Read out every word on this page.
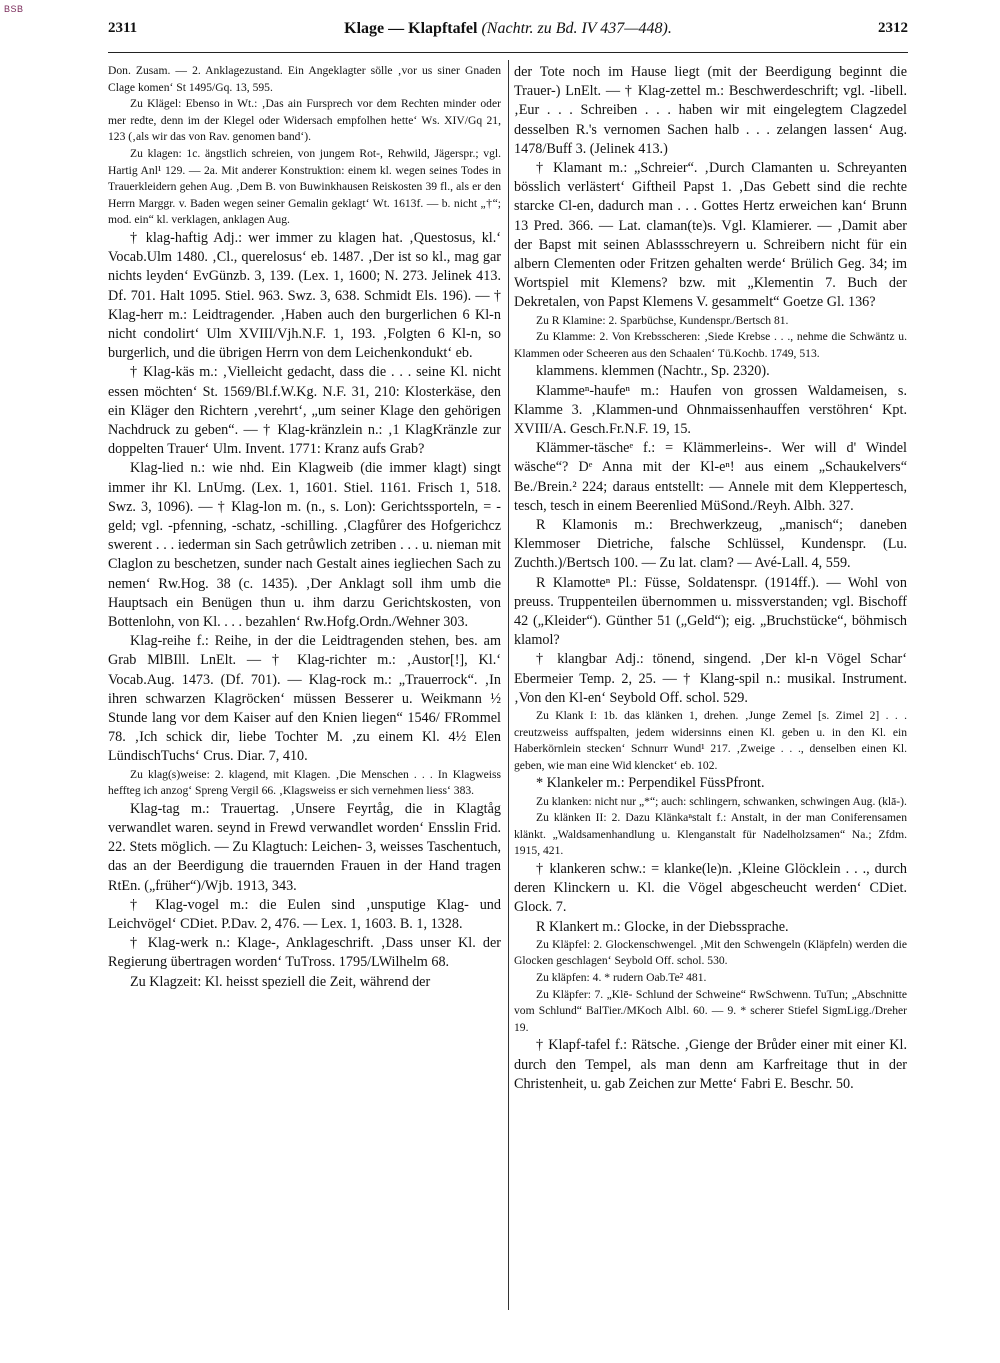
BSB
2311	Klage — Klapftafel (Nachtr. zu Bd. IV 437—448).	2312

Don. Zusam. — 2. Anklagezustand. Ein Angeklagter sölle ‚vor us siner Gnaden Clage komen‘ St 1495/Gq. 13, 595.

Zu Klägel: Ebenso in Wt.: ‚Das ain Fursprech vor dem Rechten minder oder mer redte, denn im der Klegel oder Widersach empfolhen hette‘ Ws. XIV/Gq 21, 123 (‚als wir das von Rav. genomen band‘).

Zu klagen: 1c. ängstlich schreien, von jungem Rot-, Rehwild, Jägerspr.; vgl. Hartig Anl¹ 129. — 2a. Mit anderer Konstruktion: einem kl. wegen seines Todes in Trauerkleidern gehen Aug. ‚Dem B. von Buwinkhausen Reiskosten 39 fl., als er den Herrn Marggr. v. Baden wegen seiner Gemalin geklagt‘ Wt. 1613f. — b. nicht „†“; mod. ein“ kl. verklagen, anklagen Aug.

† klag-haftig Adj.: wer immer zu klagen hat. ‚Questosus, kl.‘ Vocab.Ulm 1480. ‚Cl., querelosus‘ eb. 1487. ‚Der ist so kl., mag gar nichts leyden‘ EvGünzb. 3, 139. (Lex. 1, 1600; N. 273. Jelinek 413. Df. 701. Halt 1095. Stiel. 963. Swz. 3, 638. Schmidt Els. 196). — † Klag-herr m.: Leidtragender. ‚Haben auch den burgerlichen 6 Kl-n nicht condolirt‘ Ulm XVIII/Vjh.N.F. 1, 193. ‚Folgten 6 Kl-n, so burgerlich, und die übrigen Herrn von dem Leichenkondukt‘ eb.

† Klag-käs m.: ‚Vielleicht gedacht, dass die . . . seine Kl. nicht essen möchten‘ St. 1569/Bl.f.W.Kg. N.F. 31, 210: Klosterkäse, den ein Kläger den Richtern ‚verehrt‘, „um seiner Klage den gehörigen Nachdruck zu geben“. — † Klag-kränzlein n.: ‚1 KlagKränzle zur doppelten Trauer‘ Ulm. Invent. 1771: Kranz aufs Grab?

Klag-lied n.: wie nhd. Ein Klagweib (die immer klagt) singt immer ihr Kl. LnUmg. (Lex. 1, 1601. Stiel. 1161. Frisch 1, 518. Swz. 3, 1096). — † Klag-lon m. (n., s. Lon): Gerichtssporteln, = -geld; vgl. -pfenning, -schatz, -schilling. ‚Clagfůrer des Hofgerichcz swerent . . . iederman sin Sach getrůwlich zetriben . . . u. nieman mit Claglon zu beschetzen, sunder nach Gestalt aines iegliechen Sach zu nemen‘ Rw.Hog. 38 (c. 1435). ‚Der Anklagt soll ihm umb die Hauptsach ein Benügen thun u. ihm darzu Gerichtskosten, von Bottenlohn, von Kl. . . . bezahlen‘ Rw.Hofg.Ordn./Wehner 303.

Klag-reihe f.: Reihe, in der die Leidtragenden stehen, bes. am Grab MlBIll. LnElt. — † Klag-richter m.: ‚Austor[!], Kl.‘ Vocab.Aug. 1473. (Df. 701). — Klag-rock m.: „Trauerrock“. ‚In ihren schwarzen Klagröcken‘ müssen Besserer u. Weikmann ½ Stunde lang vor dem Kaiser auf den Knien liegen“ 1546/ FRommel 78. ‚Ich schick dir, liebe Tochter M. ‚zu einem Kl. 4½ Elen LündischTuchs‘ Crus. Diar. 7, 410.

Zu klag(s)weise: 2. klagend, mit Klagen. ‚Die Menschen . . . In Klagweiss heffteg ich anzog‘ Spreng Vergil 66. ‚Klagsweiss er sich vernehmen liess‘ 383.

Klag-tag m.: Trauertag. ‚Unsere Feyrtåg, die in Klagtåg verwandlet waren. seynd in Frewd verwandlet worden‘ Ensslin Frid. 22. Stets möglich. — Zu Klagtuch: Leichen- 3, weisses Taschentuch, das an der Beerdigung die trauernden Frauen in der Hand tragen RtEn. („früher“)/Wjb. 1913, 343.

† Klag-vogel m.: die Eulen sind ‚unsputige Klag- und Leichvögel‘ CDiet. P.Dav. 2, 476. — Lex. 1, 1603. B. 1, 1328.

† Klag-werk n.: Klage-, Anklageschrift. ‚Dass unser Kl. der Regierung übertragen worden‘ TuTross. 1795/LWilhelm 68.

Zu Klagzeit: Kl. heisst speziell die Zeit, während der

der Tote noch im Hause liegt (mit der Beerdigung beginnt die Trauer-) LnElt. — † Klag-zettel m.: Beschwerdeschrift; vgl. -libell. ‚Eur . . . Schreiben . . . haben wir mit eingelegtem Clagzedel desselben R.'s vernomen Sachen halb . . . zelangen lassen‘ Aug. 1478/Buff 3. (Jelinek 413.)

† Klamant m.: „Schreier“. ‚Durch Clamanten u. Schreyanten bösslich verlästert‘ Giftheil Papst 1. ‚Das Gebett sind die rechte starcke Cl-en, dadurch man . . . Gottes Hertz erweichen kan‘ Brunn 13 Pred. 366. — Lat. claman(te)s. Vgl. Klamierer. — ‚Damit aber der Bapst mit seinen Ablassschreyern u. Schreibern nicht für ein albern Clementen oder Fritzen gehalten werde‘ Brülich Geg. 34; im Wortspiel mit Klemens? bzw. mit „Klementin 7. Buch der Dekretalen, von Papst Klemens V. gesammelt“ Goetze Gl. 136?

Zu R Klamine: 2. Sparbüchse, Kundenspr./Bertsch 81.

Zu Klamme: 2. Von Krebsscheren: ‚Siede Krebse . . ., nehme die Schwäntz u. Klammen oder Scheeren aus den Schaalen‘ Tü.Kochb. 1749, 513.

klammens. klemmen (Nachtr., Sp. 2320).

Klammeⁿ-haufeⁿ m.: Haufen von grossen Waldameisen, s. Klamme 3. ‚Klammen-und Ohnmaissenhauffen verstöhren‘ Kpt. XVIII/A. Gesch.Fr.N.F. 19, 15.

Klämmer-täscheᵉ f.: = Klämmerleins-. Wer will d' Windel wäsche“? Dᵉ Anna mit der Kl-eⁿ! aus einem „Schaukelvers“ Be./Brein.² 224; daraus entstellt: — Annele mit dem Kleppertesch, tesch, tesch in einem Beerenlied MüSond./Reyh. Albh. 327.

R Klamonis m.: Brechwerkzeug, „manisch“; daneben Klemmoser Dietriche, falsche Schlüssel, Kundenspr. (Lu. Zuchth.)/Bertsch 100. — Zu lat. clam? — Avé-Lall. 4, 559.

R Klamotteⁿ Pl.: Füsse, Soldatenspr. (1914ff.). — Wohl von preuss. Truppenteilen übernommen u. missverstanden; vgl. Bischoff 42 („Kleider“). Günther 51 („Geld“); eig. „Bruchstücke“, böhmisch klamol?

† klangbar Adj.: tönend, singend. ‚Der kl-n Vögel Schar‘ Ebermeier Temp. 2, 25. — † Klang-spil n.: musikal. Instrument. ‚Von den Kl-en‘ Seybold Off. schol. 529.

Zu Klank I: 1b. das klänken 1, drehen. ‚Junge Zemel [s. Zimel 2] . . . creutzweiss auffspalten, jedem widersinns einen Kl. geben u. in den Kl. ein Haberkörnlein stecken‘ Schnurr Wund¹ 217. ‚Zweige . . ., denselben einen Kl. geben, wie man eine Wid klencket‘ eb. 102.

* Klankeler m.: Perpendikel FüssPfront.

Zu klanken: nicht nur „*“; auch: schlingern, schwanken, schwingen Aug. (klā-).

Zu klänken II: 2. Dazu Klänkaⁿstalt f.: Anstalt, in der man Coniferensamen klänkt. „Waldsamenhandlung u. Klenganstalt für Nadelholzsamen“ Na.; Zfdm. 1915, 421.

† klankeren schw.: = klanke(le)n. ‚Kleine Glöcklein . . ., durch deren Klinckern u. Kl. die Vögel abgescheucht werden‘ CDiet. Glock. 7.

R Klankert m.: Glocke, in der Diebssprache.

Zu Kläpfel: 2. Glockenschwengel. ‚Mit den Schwengeln (Kläpfeln) werden die Glocken geschlagen‘ Seybold Off. schol. 530.

Zu kläpfen: 4. * rudern Oab.Te² 481.

Zu Kläpfer: 7. „Klē- Schlund der Schweine“ RwSchwenn. TuTun; „Abschnitte vom Schlund“ BalTier./MKoch Albl. 60. — 9. * scherer Stiefel SigmLigg./Dreher 19.

† Klapf-tafel f.: Rätsche. ‚Gienge der Brůder einer mit einer Kl. durch den Tempel, als man denn am Karfreitage thut in der Christenheit, u. gab Zeichen zur Mette‘ Fabri E. Beschr. 50.
